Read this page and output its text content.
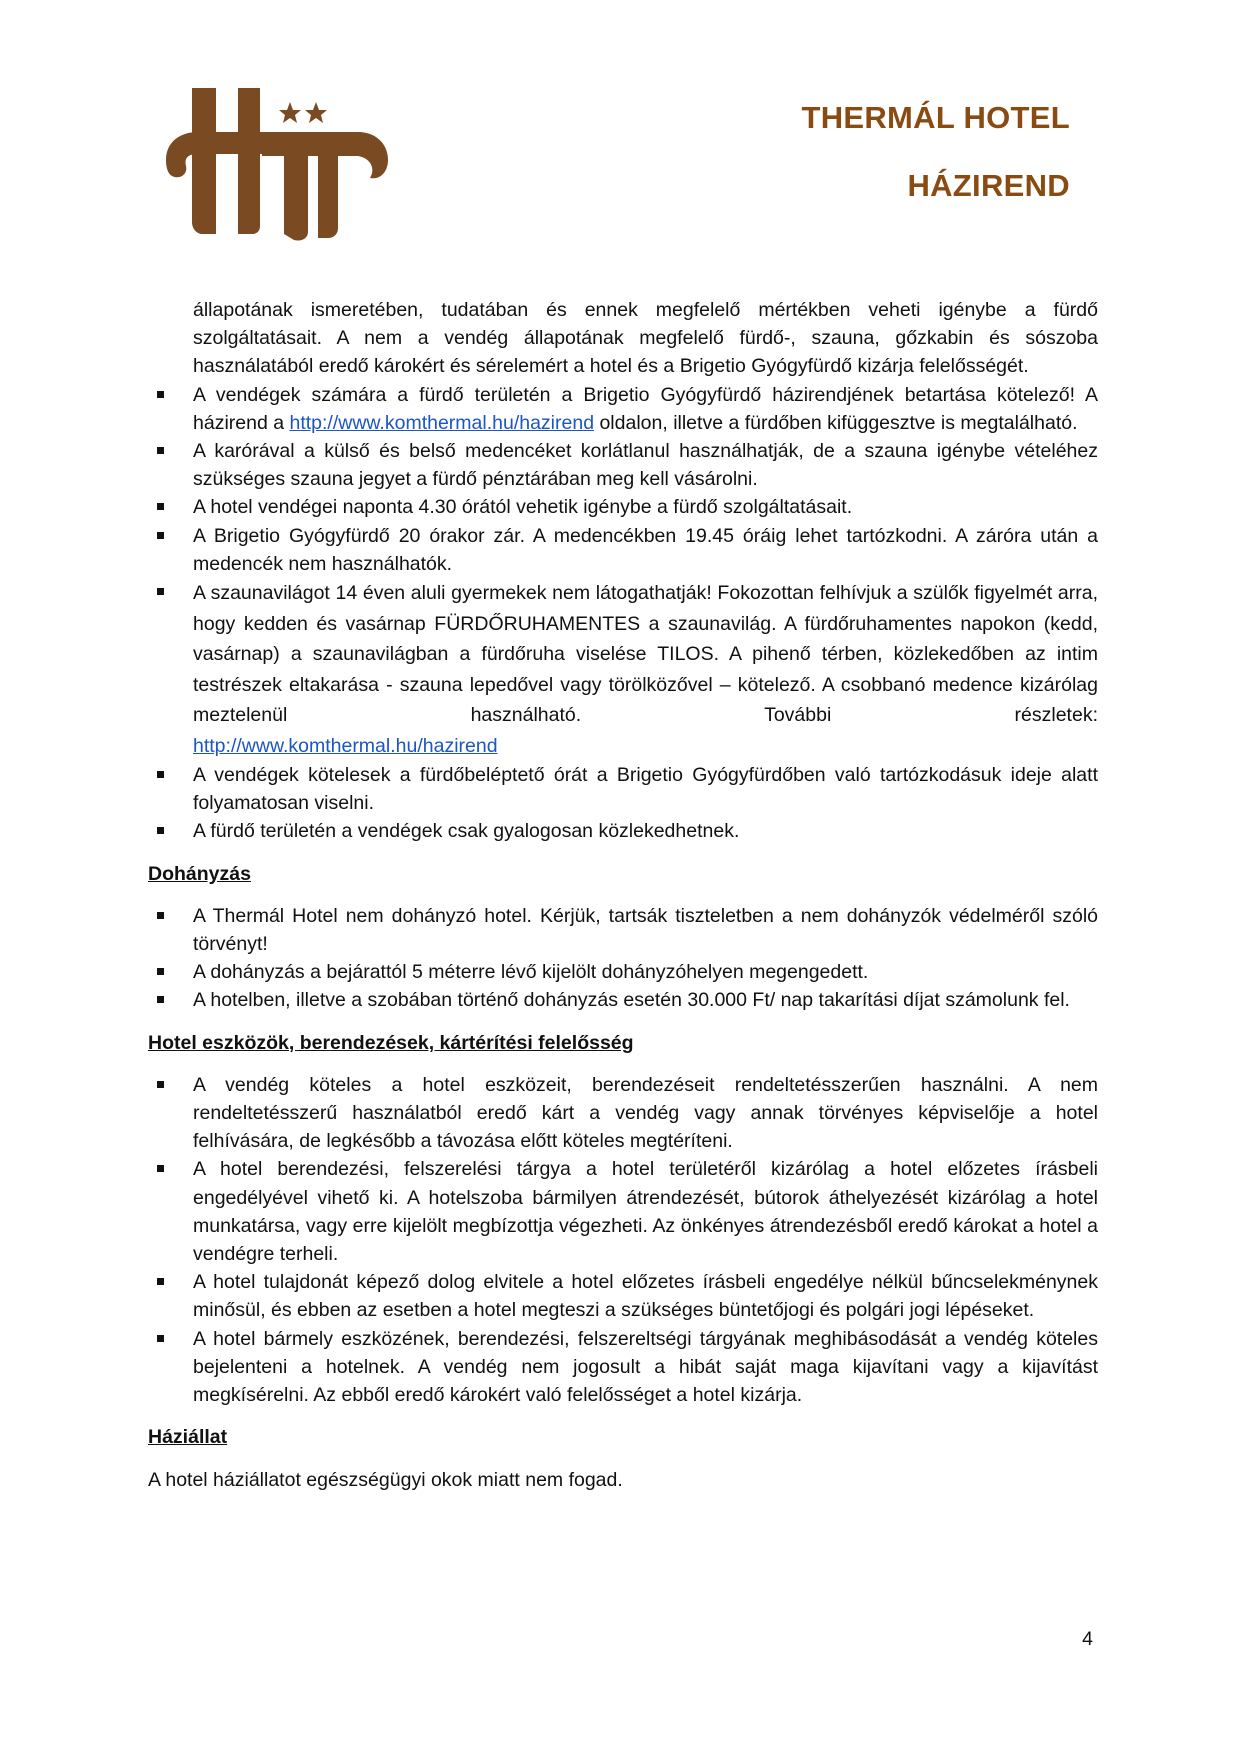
THERMÁL HOTEL
HÁZIREND

állapotának ismeretében, tudatában és ennek megfelelő mértékben veheti igénybe a fürdő szolgáltatásait. A nem a vendég állapotának megfelelő fürdő-, szauna, gőzkabin és sószoba használatából eredő károkért és sérelemért a hotel és a Brigetio Gyógyfürdő kizárja felelősségét.

A vendégek számára a fürdő területén a Brigetio Gyógyfürdő házirendjének betartása kötelező! A házirend a http://www.komthermal.hu/hazirend oldalon, illetve a fürdőben kifüggesztve is megtalálható.
A karórával a külső és belső medencéket korlátlanul használhatják, de a szauna igénybe vételéhez szükséges szauna jegyet a fürdő pénztárában meg kell vásárolni.
A hotel vendégei naponta 4.30 órától vehetik igénybe a fürdő szolgáltatásait.
A Brigetio Gyógyfürdő 20 órakor zár. A medencékben 19.45 óráig lehet tartózkodni. A záróra után a medencék nem használhatók.
A szaunavilágot 14 éven aluli gyermekek nem látogathatják! Fokozottan felhívjuk a szülők figyelmét arra, hogy kedden és vasárnap FÜRDŐRUHAMENTES a szaunavilág. A fürdőruhamentes napokon (kedd, vasárnap) a szaunavilágban a fürdőruha viselése TILOS. A pihenő térben, közlekedőben az intim testrészek eltakarása - szauna lepedővel vagy törölközővel – kötelező. A csobbanó medence kizárólag meztelenül használható. További részletek:
http://www.komthermal.hu/hazirend
A vendégek kötelesek a fürdőbeléptető órát a Brigetio Gyógyfürdőben való tartózkodásuk ideje alatt folyamatosan viselni.
A fürdő területén a vendégek csak gyalogosan közlekedhetnek.
Dohányzás
A Thermál Hotel nem dohányzó hotel. Kérjük, tartsák tiszteletben a nem dohányzók védelméről szóló törvényt!
A dohányzás a bejárattól 5 méterre lévő kijelölt dohányzóhelyen megengedett.
A hotelben, illetve a szobában történő dohányzás esetén 30.000 Ft/ nap takarítási díjat számolunk fel.
Hotel eszközök, berendezések, kártérítési felelősség
A vendég köteles a hotel eszközeit, berendezéseit rendeltetésszerűen használni. A nem rendeltetésszerű használatból eredő kárt a vendég vagy annak törvényes képviselője a hotel felhívására, de legkésőbb a távozása előtt köteles megtéríteni.
A hotel berendezési, felszerelési tárgya a hotel területéről kizárólag a hotel előzetes írásbeli engedélyével vihető ki. A hotelszoba bármilyen átrendezését, bútorok áthelyezését kizárólag a hotel munkatársa, vagy erre kijelölt megbízottja végezheti. Az önkényes átrendezésből eredő károkat a hotel a vendégre terheli.
A hotel tulajdonát képező dolog elvitele a hotel előzetes írásbeli engedélye nélkül bűncselekménynek minősül, és ebben az esetben a hotel megteszi a szükséges büntetőjogi és polgári jogi lépéseket.
A hotel bármely eszközének, berendezési, felszereltségi tárgyának meghibásodását a vendég köteles bejelenteni a hotelnek. A vendég nem jogosult a hibát saját maga kijavítani vagy a kijavítást megkísérelni. Az ebből eredő károkért való felelősséget a hotel kizárja.
Háziállat

A hotel háziállatot egészségügyi okok miatt nem fogad.

4
